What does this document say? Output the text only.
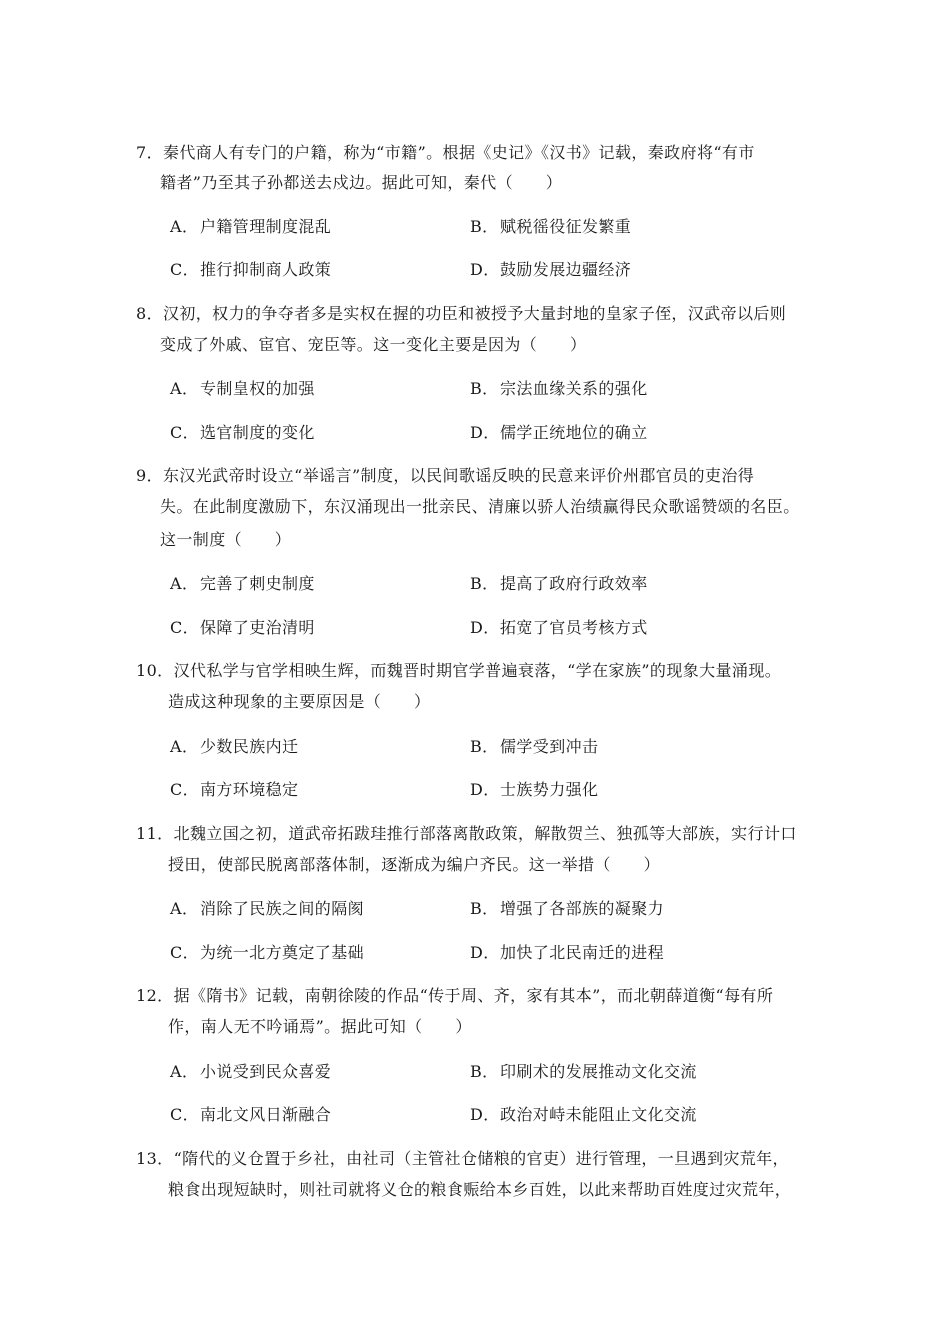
7．秦代商人有专门的户籍，称为“市籍”。根据《史记》《汉书》记载，秦政府将“有市
籍者”乃至其子孙都送去戍边。据此可知，秦代（　　）
A． 户籍管理制度混乱	B．赋税徭役征发繁重
C．推行抑制商人政策	D．鼓励发展边疆经济
8．汉初，权力的争夺者多是实权在握的功臣和被授予大量封地的皇家子侄，汉武帝以后则
变成了外戚、宦官、宠臣等。这一变化主要是因为（　　）
A． 专制皇权的加强	B．宗法血缘关系的强化
C．选官制度的变化	D．儒学正统地位的确立
9．东汉光武帝时设立“举谣言”制度，以民间歌谣反映的民意来评价州郡官员的吏治得
失。在此制度激励下，东汉涌现出一批亲民、清廉以骄人治绩赢得民众歌谣赞颂的名臣。
这一制度（　　）
A． 完善了刺史制度	B．提高了政府行政效率
C．保障了吏治清明	D．拓宽了官员考核方式
10．汉代私学与官学相映生辉，而魏晋时期官学普遍衰落，“学在家族”的现象大量涌现。
造成这种现象的主要原因是（　　）
A． 少数民族内迁	B．儒学受到冲击
C．南方环境稳定	D．士族势力强化
11．北魏立国之初，道武帝拓跋珪推行部落离散政策，解散贺兰、独孤等大部族，实行计口
授田，使部民脱离部落体制，逐渐成为编户齐民。这一举措（　　）
A． 消除了民族之间的隔阂	B．增强了各部族的凝聚力
C．为统一北方奠定了基础	D．加快了北民南迁的进程
12．据《隋书》记载，南朝徐陵的作品“传于周、齐，家有其本”，而北朝薛道衡“每有所
作，南人无不吟诵焉”。据此可知（　　）
A． 小说受到民众喜爱	B．印刷术的发展推动文化交流
C．南北文风日渐融合	D．政治对峙未能阻止文化交流
13．“隋代的义仓置于乡社，由社司（主管社仓储粮的官吏）进行管理，一旦遇到灾荒年，
粮食出现短缺时，则社司就将义仓的粮食赈给本乡百姓，以此来帮助百姓度过灾荒年，
